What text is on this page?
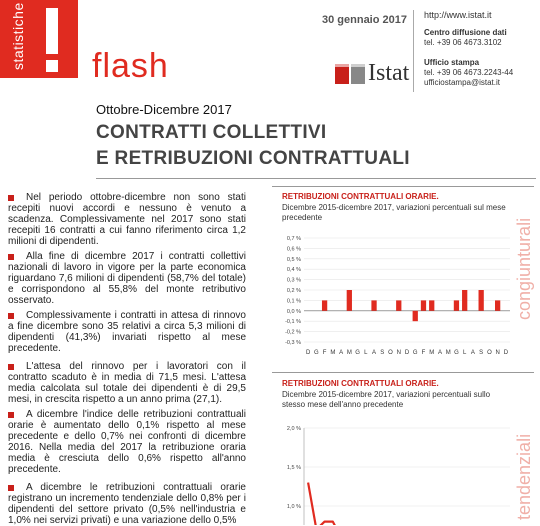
statistiche flash
30 gennaio 2017 http://www.istat.it
Centro diffusione dati
tel. +39 06 4673.3102
Ufficio stampa
tel. +39 06 4673.2243-44
ufficiostampa@istat.it
Istat
Ottobre-Dicembre 2017
CONTRATTI COLLETTIVI
E RETRIBUZIONI CONTRATTUALI
Nel periodo ottobre-dicembre non sono stati recepiti nuovi accordi e nessuno è venuto a scadenza. Complessivamente nel 2017 sono stati recepiti 16 contratti a cui fanno riferimento circa 1,2 milioni di dipendenti.
Alla fine di dicembre 2017 i contratti collettivi nazionali di lavoro in vigore per la parte economica riguardano 7,6 milioni di dipendenti (58,7% del totale) e corrispondono al 55,8% del monte retributivo osservato.
Complessivamente i contratti in attesa di rinnovo a fine dicembre sono 35 relativi a circa 5,3 milioni di dipendenti (41,3%) invariati rispetto al mese precedente.
L'attesa del rinnovo per i lavoratori con il contratto scaduto è in media di 71,5 mesi. L'attesa media calcolata sul totale dei dipendenti è di 29,5 mesi, in crescita rispetto a un anno prima (27,1).
A dicembre l'indice delle retribuzioni contrattuali orarie è aumentato dello 0,1% rispetto al mese precedente e dello 0,7% nei confronti di dicembre 2016. Nella media del 2017 la retribuzione oraria media è cresciuta dello 0,6% rispetto all'anno precedente.
A dicembre le retribuzioni contrattuali orarie registrano un incremento tendenziale dello 0,8% per i dipendenti del settore privato (0,5% nell'industria e 1,0% nei servizi privati) e una variazione dello 0,5%
RETRIBUZIONI CONTRATTUALI ORARIE.
Dicembre 2015-dicembre 2017, variazioni percentuali sul mese precedente
0,7 %
0,6 %
0,5 %
0,4 %
0,3 %
0,2 %
0,1 %
0,0 %
-0,1 %
-0,2 %
-0,3 %
D G F M A M G L A S O N D G F M A M G L A S O N D
congiunturali
RETRIBUZIONI CONTRATTUALI ORARIE.
Dicembre 2015-dicembre 2017, variazioni percentuali sullo stesso mese dell'anno precedente
2,0 %
1,5 %
1,0 %	tendenziali
